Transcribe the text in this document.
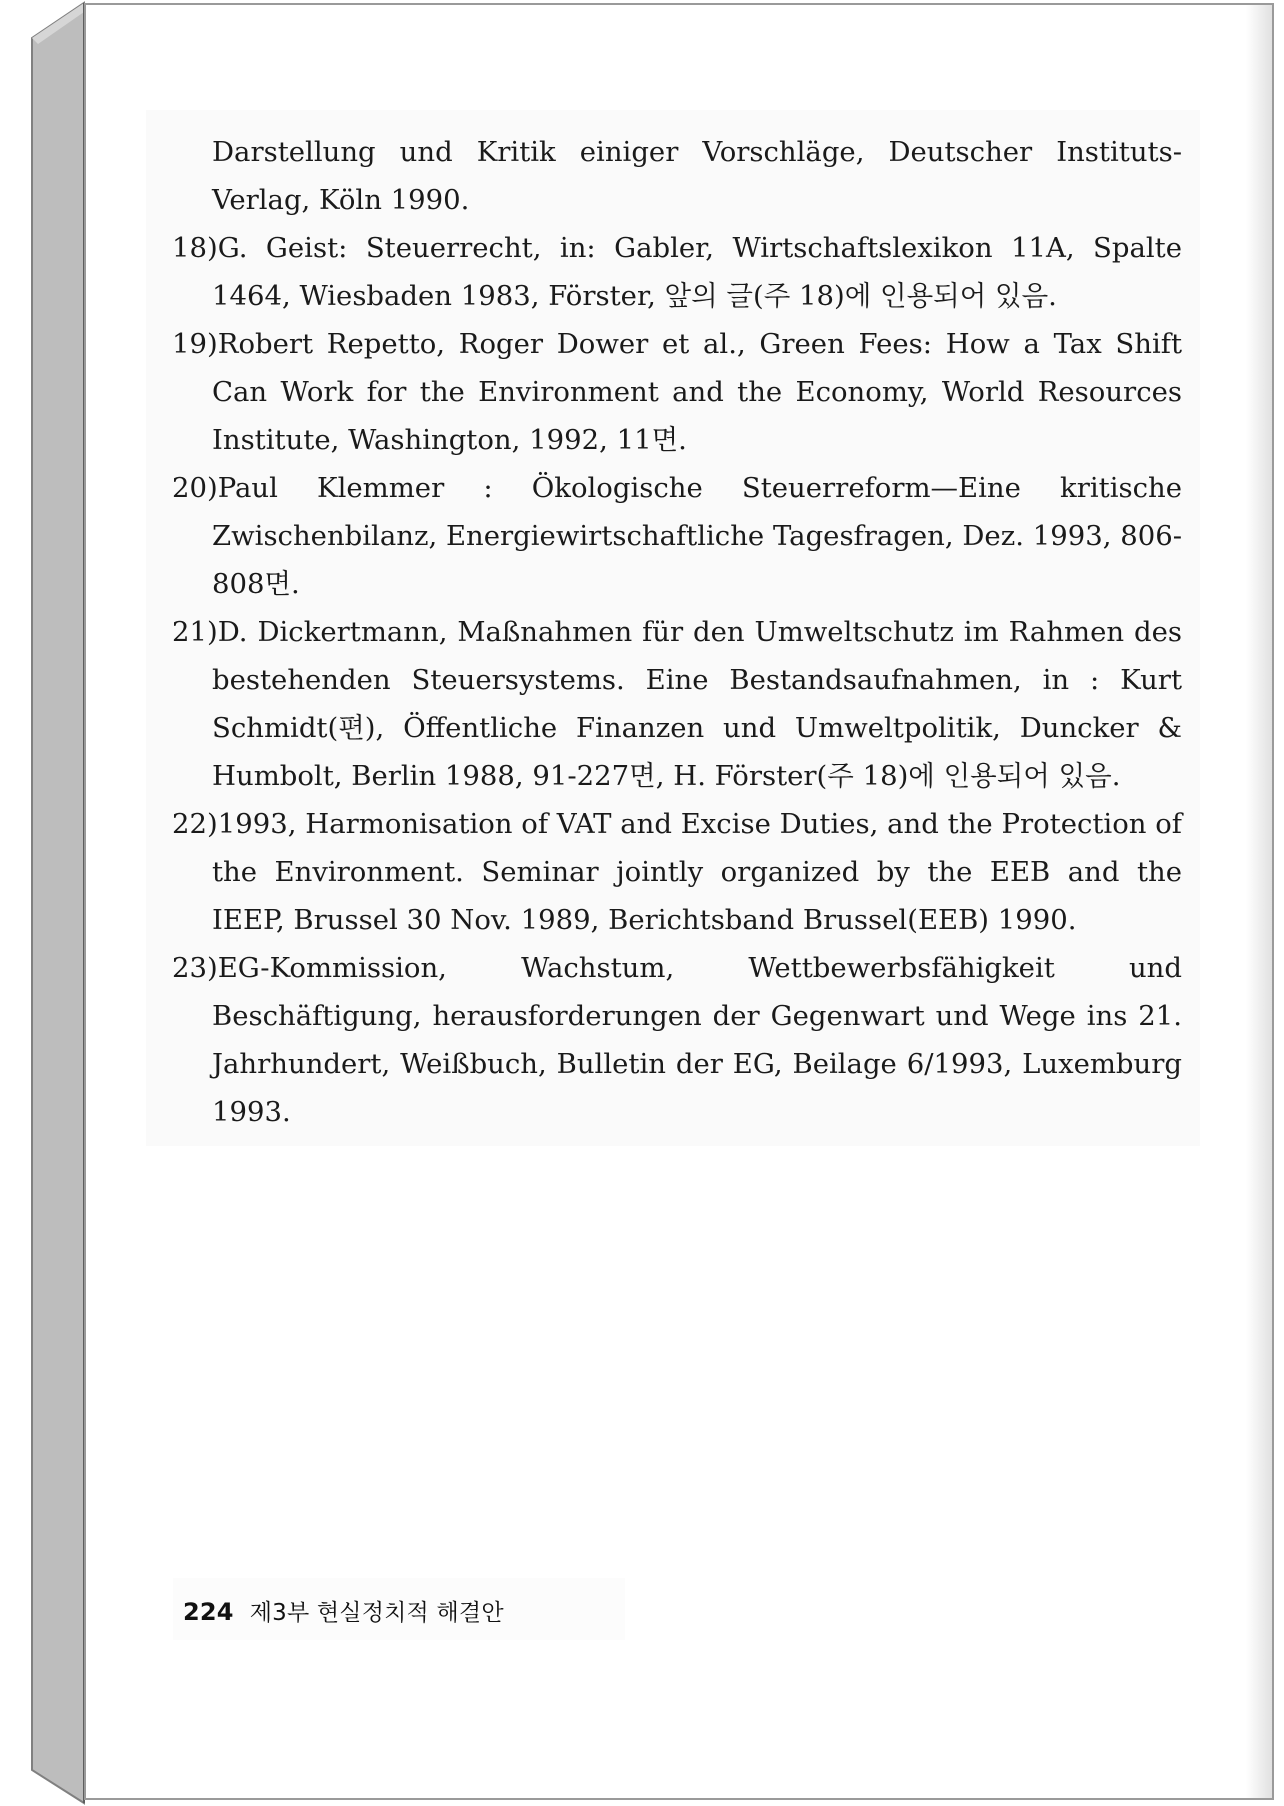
Darstellung und Kritik einiger Vorschläge, Deutscher Instituts-Verlag, Köln 1990.

18)G. Geist: Steuerrecht, in: Gabler, Wirtschaftslexikon 11A, Spalte 1464, Wiesbaden 1983, Förster, 앞의 글(주 18)에 인용되어 있음.

19)Robert Repetto, Roger Dower et al., Green Fees: How a Tax Shift Can Work for the Environment and the Economy, World Resources Institute, Washington, 1992, 11면.

20)Paul Klemmer : Ökologische Steuerreform—Eine kritische Zwischenbilanz, Energiewirtschaftliche Tagesfragen, Dez. 1993, 806-808면.

21)D. Dickertmann, Maßnahmen für den Umweltschutz im Rahmen des bestehenden Steuersystems. Eine Bestandsaufnahmen, in : Kurt Schmidt(편), Öffentliche Finanzen und Umweltpolitik, Duncker & Humbolt, Berlin 1988, 91-227면, H. Förster(주 18)에 인용되어 있음.

22)1993, Harmonisation of VAT and Excise Duties, and the Protection of the Environment. Seminar jointly organized by the EEB and the IEEP, Brussel 30 Nov. 1989, Berichtsband Brussel(EEB) 1990.

23)EG-Kommission, Wachstum, Wettbewerbsfähigkeit und Beschäftigung, herausforderungen der Gegenwart und Wege ins 21. Jahrhundert, Weißbuch, Bulletin der EG, Beilage 6/1993, Luxemburg 1993.

224 제3부 현실정치적 해결안
